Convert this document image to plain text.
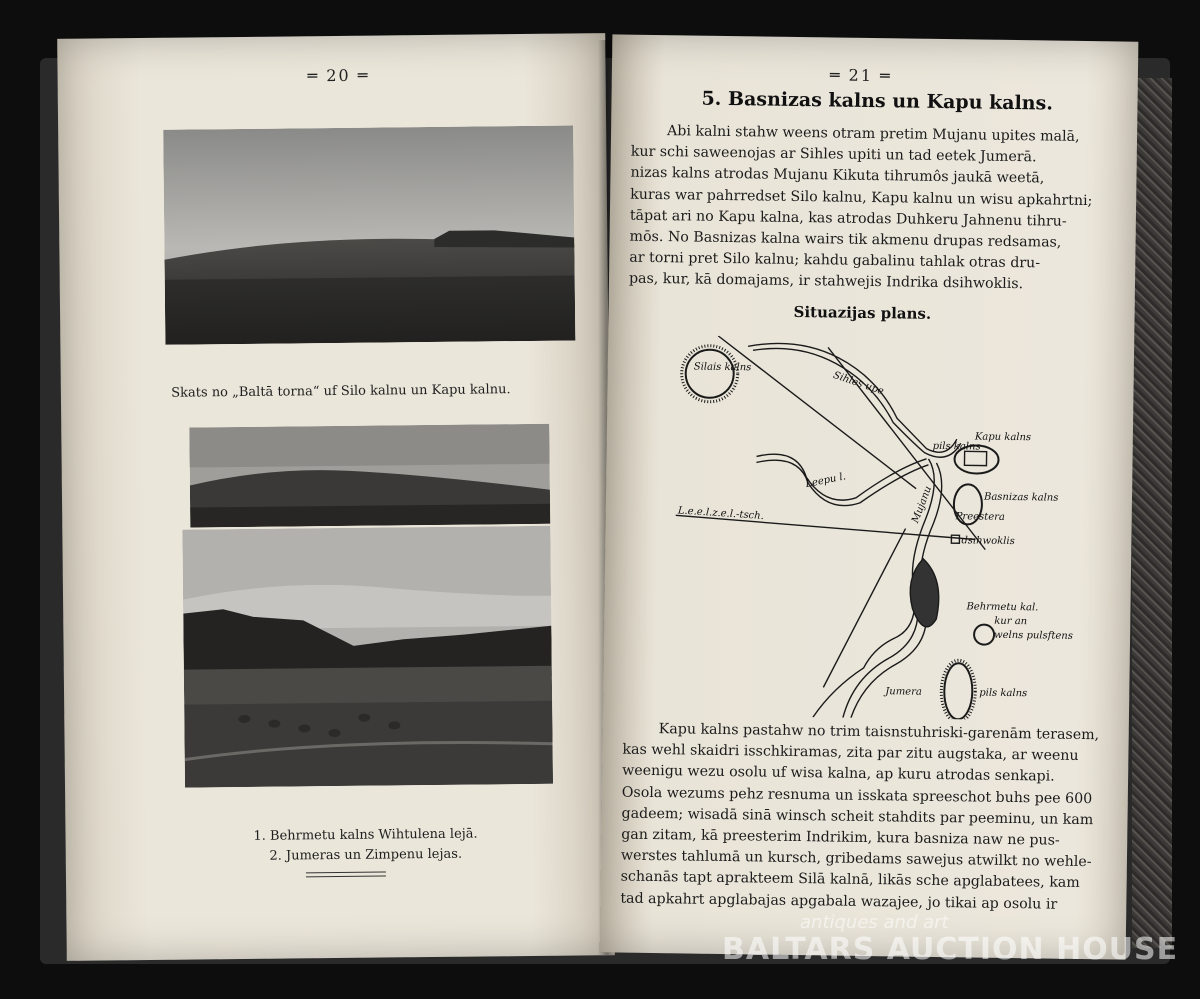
═ 20 ═
Skats no „Baltā torna“ uf Silo kalnu un Kapu kalnu.
1. Behrmetu kalns Wihtulena lejā.
2. Jumeras un Zimpenu lejas.
═ 21 ═
5. Basnizas kalns un Kapu kalns.
Abi kalni stahw weens otram pretim Mujanu upites malā,
kur schi saweenojas ar Sihles upiti un tad eetek Jumerā.
nizas kalns atrodas Mujanu Kikuta tihrumôs jaukā weetā,
kuras war pahrredset Silo kalnu, Kapu kalnu un wisu apkahrtni;
tāpat ari no Kapu kalna, kas atrodas Duhkeru Jahnenu tihru-
mōs. No Basnizas kalna wairs tik akmenu drupas redsamas,
ar torni pret Silo kalnu; kahdu gabalinu tahlak otras dru-
pas, kur, kā domajams, ir stahwejis Indrika dsihwoklis.
Situazijas plans.
Silais kalns
Sihles upe
Kapu kalns
pils kalns
Leepu l.
Basnizas kalns
Preestera
dsihwoklis
L.e.e.l.z.e.l.-tsch.	Mujanu
Behrmetu kal.
kur an
welns pulsftens
Jumera	pils kalns
Kapu kalns pastahw no trim taisnstuhriski-garenām terasem,
kas wehl skaidri isschkiramas, zita par zitu augstaka, ar weenu
weenigu wezu osolu uf wisa kalna, ap kuru atrodas senkapi.
Osola wezums pehz resnuma un isskata spreeschot buhs pee 600
gadeem; wisadā sinā winsch scheit stahdits par peeminu, un kam
gan zitam, kā preesterim Indrikim, kura basniza naw ne pus-
werstes tahlumā un kursch, gribedams sawejus atwilkt no wehle-
schanās tapt aprakteem Silā kalnā, likās sche apglabatees, kam
tad apkahrt apglabajas apgabala wazajee, jo tikai ap osolu ir
antiques and art
BALTARS AUCTION HOUSE
